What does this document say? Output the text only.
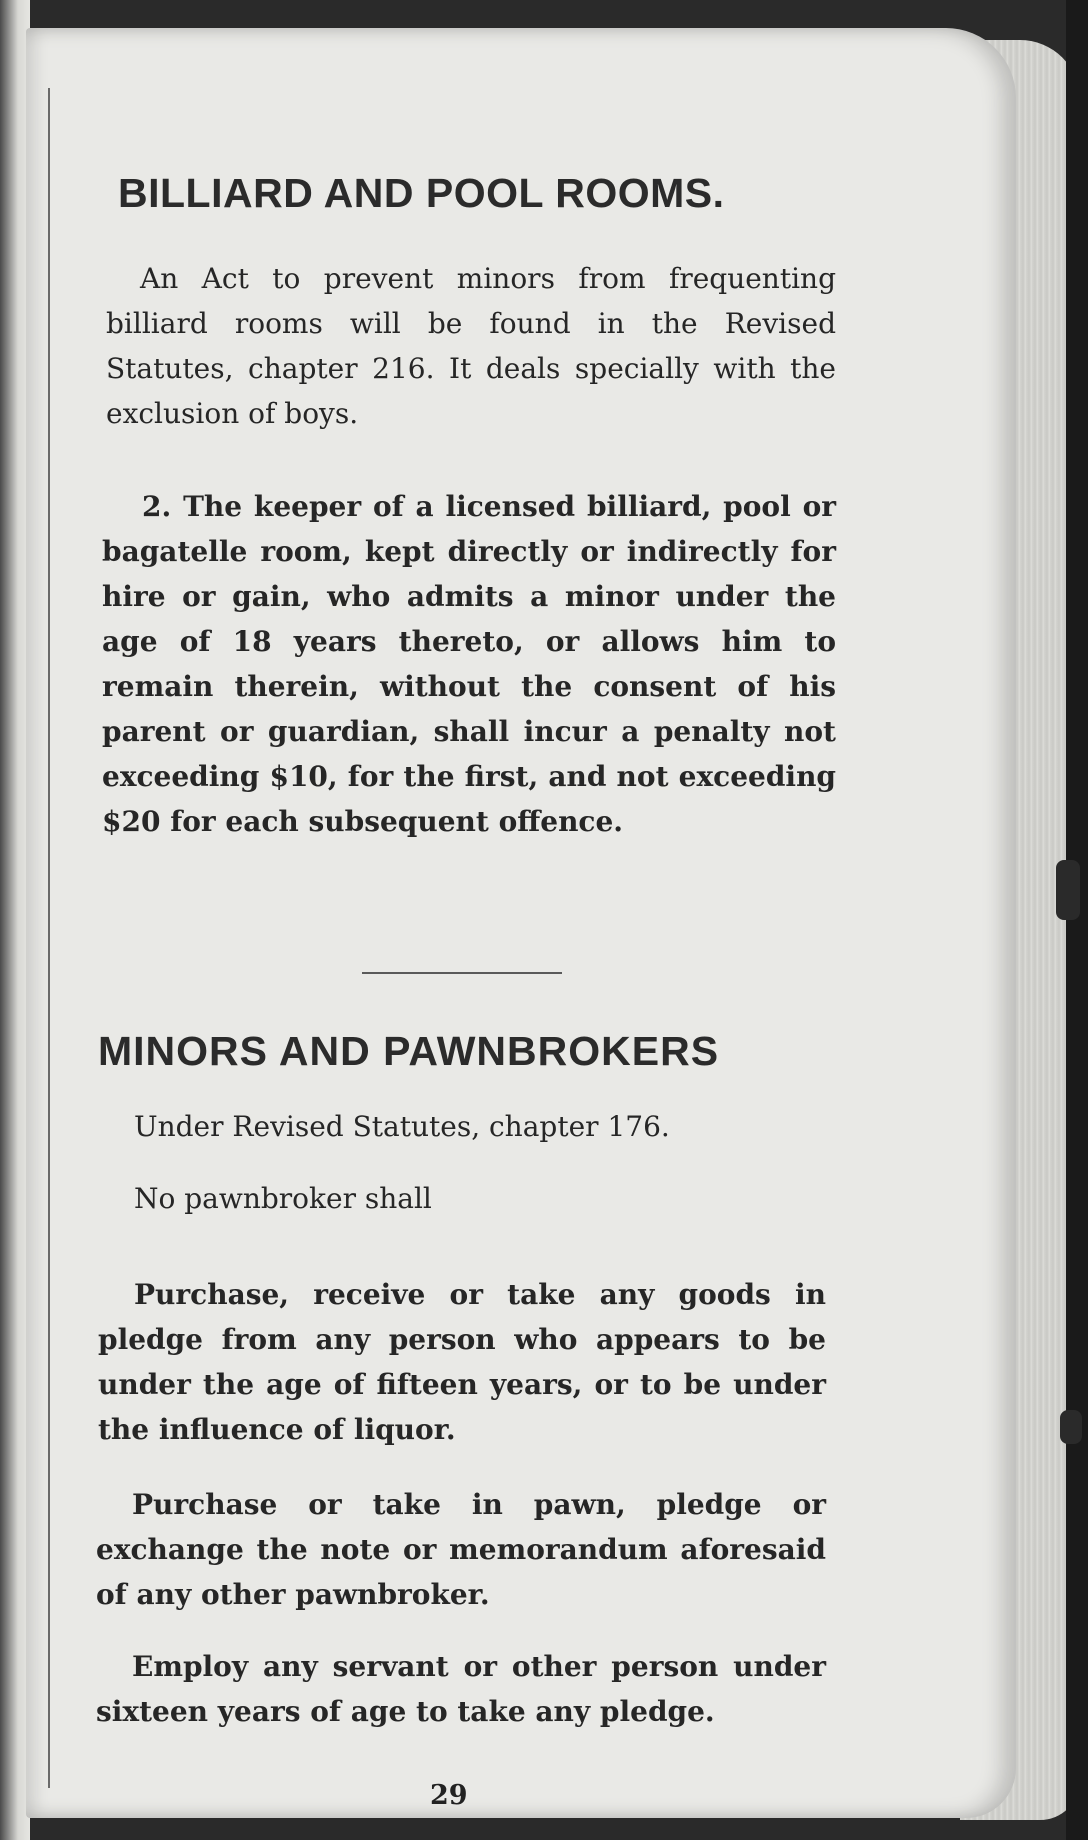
BILLIARD AND POOL ROOMS.

An Act to prevent minors from frequenting billiard rooms will be found in the Revised Statutes, chapter 216. It deals specially with the exclusion of boys.

2. The keeper of a licensed billiard, pool or bagatelle room, kept directly or indirectly for hire or gain, who admits a minor under the age of 18 years thereto, or allows him to remain therein, without the consent of his parent or guardian, shall incur a penalty not exceeding $10, for the first, and not exceeding $20 for each subsequent offence.

MINORS AND PAWNBROKERS

Under Revised Statutes, chapter 176.

No pawnbroker shall

Purchase, receive or take any goods in pledge from any person who appears to be under the age of fifteen years, or to be under the influence of liquor.

Purchase or take in pawn, pledge or exchange the note or memorandum aforesaid of any other pawnbroker.

Employ any servant or other person under sixteen years of age to take any pledge.

29
